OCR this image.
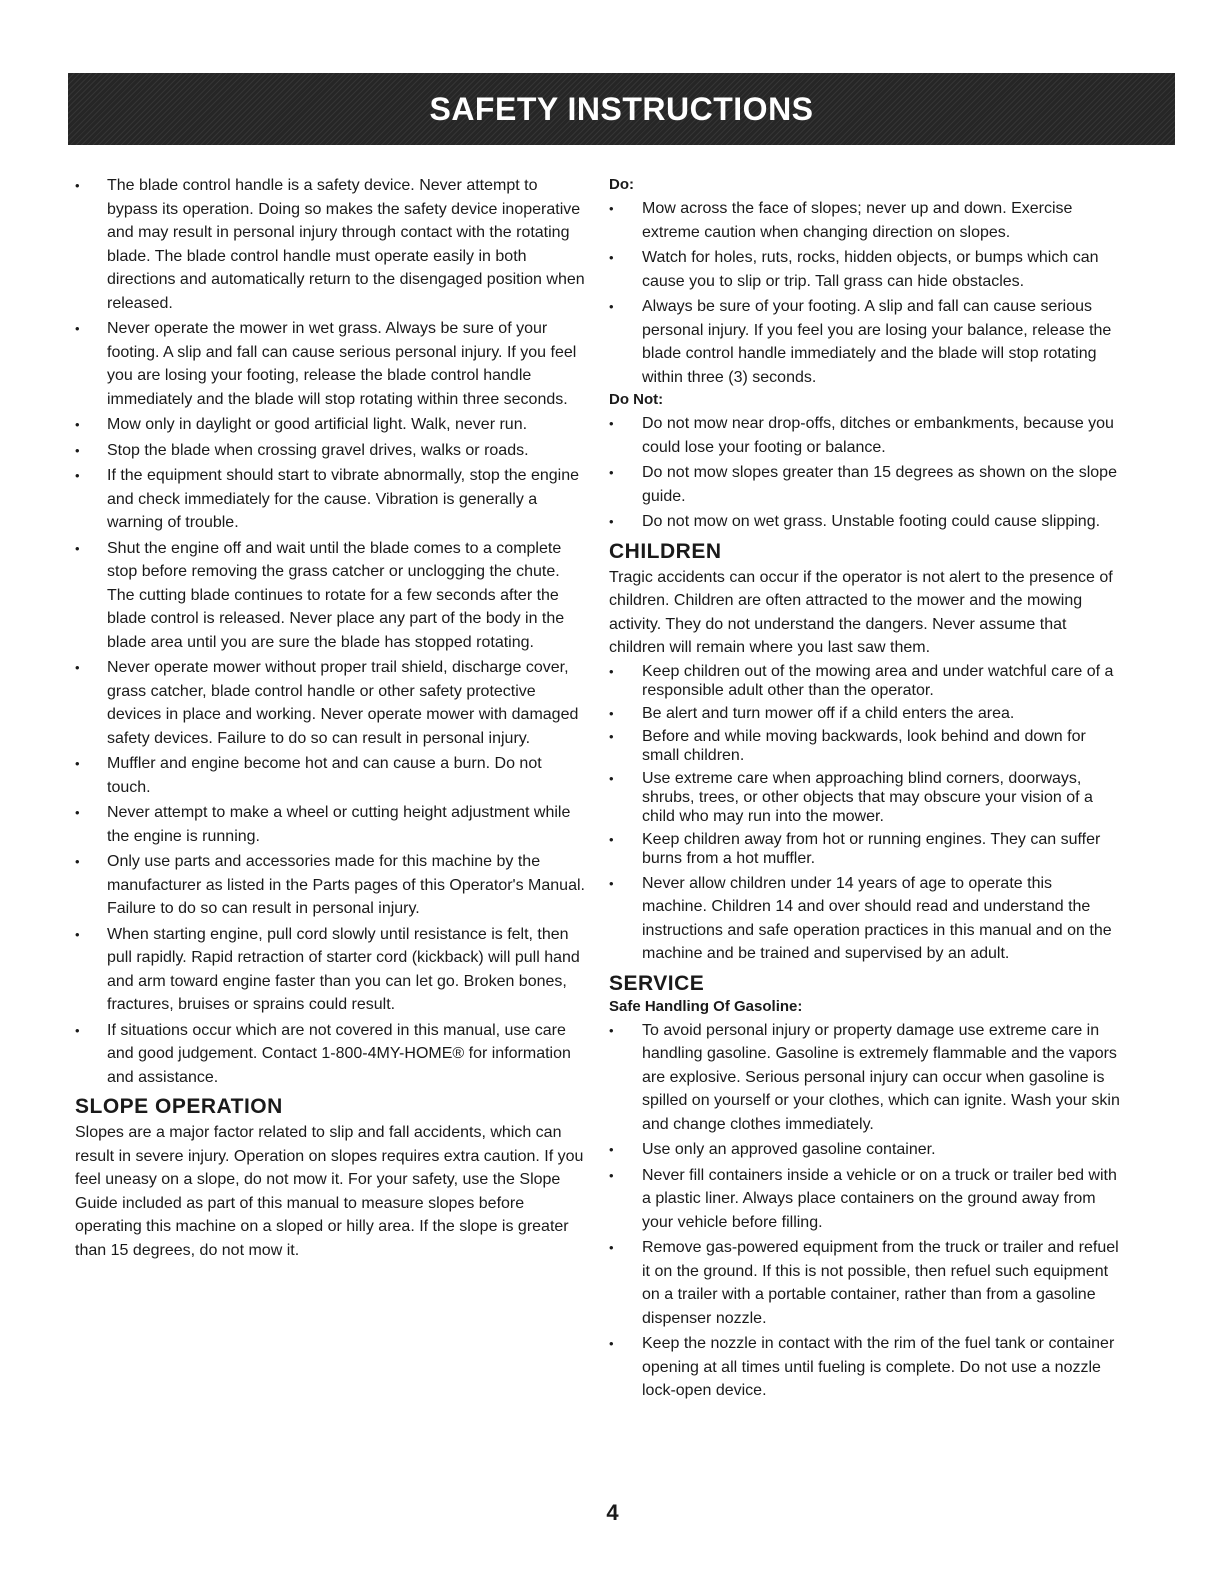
SAFETY INSTRUCTIONS
• The blade control handle is a safety device. Never attempt to bypass its operation. Doing so makes the safety device inoperative and may result in personal injury through contact with the rotating blade. The blade control handle must operate easily in both directions and automatically return to the disengaged position when released.
• Never operate the mower in wet grass. Always be sure of your footing. A slip and fall can cause serious personal injury. If you feel you are losing your footing, release the blade control handle immediately and the blade will stop rotating within three seconds.
• Mow only in daylight or good artificial light. Walk, never run.
• Stop the blade when crossing gravel drives, walks or roads.
• If the equipment should start to vibrate abnormally, stop the engine and check immediately for the cause. Vibration is generally a warning of trouble.
• Shut the engine off and wait until the blade comes to a complete stop before removing the grass catcher or unclogging the chute. The cutting blade continues to rotate for a few seconds after the blade control is released. Never place any part of the body in the blade area until you are sure the blade has stopped rotating.
• Never operate mower without proper trail shield, discharge cover, grass catcher, blade control handle or other safety protective devices in place and working. Never operate mower with damaged safety devices. Failure to do so can result in personal injury.
• Muffler and engine become hot and can cause a burn. Do not touch.
• Never attempt to make a wheel or cutting height adjustment while the engine is running.
• Only use parts and accessories made for this machine by the manufacturer as listed in the Parts pages of this Operator's Manual. Failure to do so can result in personal injury.
• When starting engine, pull cord slowly until resistance is felt, then pull rapidly. Rapid retraction of starter cord (kickback) will pull hand and arm toward engine faster than you can let go. Broken bones, fractures, bruises or sprains could result.
• If situations occur which are not covered in this manual, use care and good judgement. Contact 1-800-4MY-HOME® for information and assistance.
SLOPE OPERATION

Slopes are a major factor related to slip and fall accidents, which can result in severe injury. Operation on slopes requires extra caution. If you feel uneasy on a slope, do not mow it. For your safety, use the Slope Guide included as part of this manual to measure slopes before operating this machine on a sloped or hilly area. If the slope is greater than 15 degrees, do not mow it.

Do:
• Mow across the face of slopes; never up and down. Exercise extreme caution when changing direction on slopes.
• Watch for holes, ruts, rocks, hidden objects, or bumps which can cause you to slip or trip. Tall grass can hide obstacles.
• Always be sure of your footing. A slip and fall can cause serious personal injury. If you feel you are losing your balance, release the blade control handle immediately and the blade will stop rotating within three (3) seconds.
Do Not:
• Do not mow near drop-offs, ditches or embankments, because you could lose your footing or balance.
• Do not mow slopes greater than 15 degrees as shown on the slope guide.
• Do not mow on wet grass. Unstable footing could cause slipping.
CHILDREN

Tragic accidents can occur if the operator is not alert to the presence of children. Children are often attracted to the mower and the mowing activity. They do not understand the dangers. Never assume that children will remain where you last saw them.

• Keep children out of the mowing area and under watchful care of a responsible adult other than the operator.
• Be alert and turn mower off if a child enters the area.
• Before and while moving backwards, look behind and down for small children.
• Use extreme care when approaching blind corners, doorways, shrubs, trees, or other objects that may obscure your vision of a child who may run into the mower.
• Keep children away from hot or running engines. They can suffer burns from a hot muffler.
• Never allow children under 14 years of age to operate this machine. Children 14 and over should read and understand the instructions and safe operation practices in this manual and on the machine and be trained and supervised by an adult.
SERVICE
Safe Handling Of Gasoline:
• To avoid personal injury or property damage use extreme care in handling gasoline. Gasoline is extremely flammable and the vapors are explosive. Serious personal injury can occur when gasoline is spilled on yourself or your clothes, which can ignite. Wash your skin and change clothes immediately.
• Use only an approved gasoline container.
• Never fill containers inside a vehicle or on a truck or trailer bed with a plastic liner. Always place containers on the ground away from your vehicle before filling.
• Remove gas-powered equipment from the truck or trailer and refuel it on the ground. If this is not possible, then refuel such equipment on a trailer with a portable container, rather than from a gasoline dispenser nozzle.
• Keep the nozzle in contact with the rim of the fuel tank or container opening at all times until fueling is complete. Do not use a nozzle lock-open device.
4
